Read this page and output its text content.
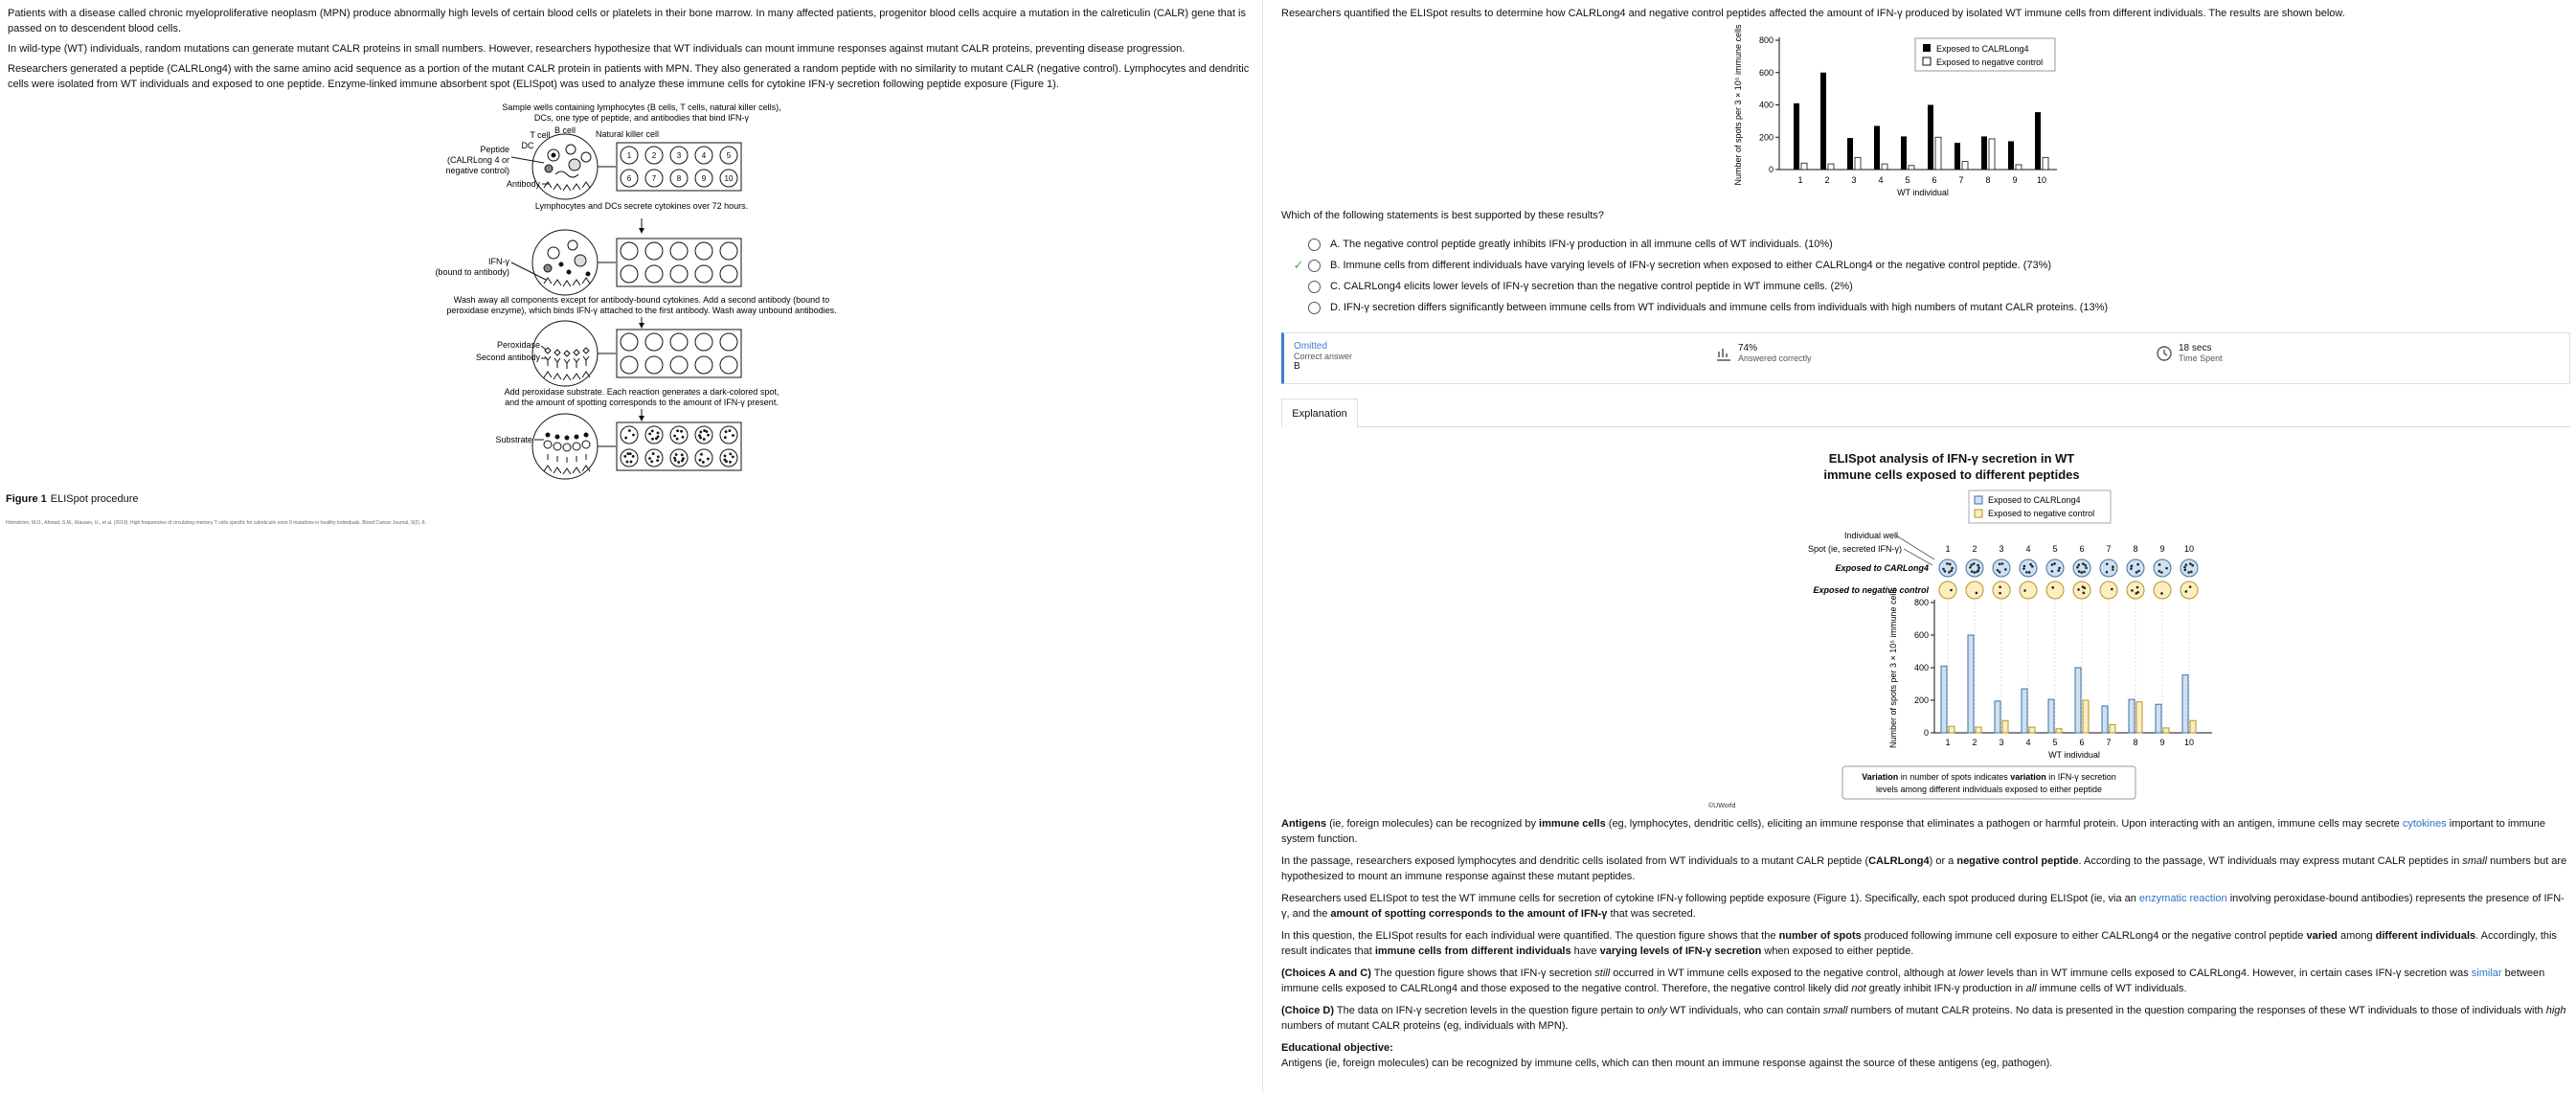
Patients with a disease called chronic myeloproliferative neoplasm (MPN) produce abnormally high levels of certain blood cells or platelets in their bone marrow. In many affected patients, progenitor blood cells acquire a mutation in the calreticulin (CALR) gene that is passed on to descendent blood cells.

In wild-type (WT) individuals, random mutations can generate mutant CALR proteins in small numbers. However, researchers hypothesize that WT individuals can mount immune responses against mutant CALR proteins, preventing disease progression.

Researchers generated a peptide (CALRLong4) with the same amino acid sequence as a portion of the mutant CALR protein in patients with MPN. They also generated a random peptide with no similarity to mutant CALR (negative control). Lymphocytes and dendritic cells were isolated from WT individuals and exposed to one peptide. Enzyme-linked immune absorbent spot (ELISpot) was used to analyze these immune cells for cytokine IFN-γ secretion following peptide exposure (Figure 1).

Sample wells containing lymphocytes (B cells, T cells, natural killer cells),
DCs, one type of peptide, and antibodies that bind IFN-γ
T cell B cell Natural killer cell
Peptide
(CALRLong 4 or
negative control)
DC
Antibody
1	2	3	4	5
6	7	8	9 10
Lymphocytes and DCs secrete cytokines over 72 hours.
IFN-γ
(bound to antibody)
Wash away all components except for antibody-bound cytokines. Add a second antibody (bound to
peroxidase enzyme), which binds IFN-γ attached to the first antibody. Wash away unbound antibodies.
Peroxidase
Second antibody
Add peroxidase substrate. Each reaction generates a dark-colored spot,
and the amount of spotting corresponds to the amount of IFN-γ present.
Substrate
Figure 1 ELISpot procedure
Holmström, M.O., Ahmad, S.M., Klausen, U., et al. (2019). High frequencies of circulating memory T cells specific for calreticulin exon 9 mutations in healthy individuals. Blood Cancer Journal, 9(2), 8.
Researchers quantified the ELISpot results to determine how CALRLong4 and negative control peptides affected the amount of IFN-γ produced by isolated WT immune cells from different individuals. The results are shown below.
0
200
400
600
800
1	2	3	4	5	6	7	8	9 10
WT individual
Number of spots per 3 × 10⁵ immune cells	Exposed to CALRLong4
Exposed to negative control
Which of the following statements is best supported by these results?
A. The negative control peptide greatly inhibits IFN-γ production in all immune cells of WT individuals. (10%)
✓	B. Immune cells from different individuals have varying levels of IFN-γ secretion when exposed to either CALRLong4 or the negative control peptide. (73%)
C. CALRLong4 elicits lower levels of IFN-γ secretion than the negative control peptide in WT immune cells. (2%)
D. IFN-γ secretion differs significantly between immune cells from WT individuals and immune cells from individuals with high numbers of mutant CALR proteins. (13%)
Omitted
Correct answer
B
74%
Answered correctly
18 secs
Time Spent
Explanation
ELISpot analysis of IFN-γ secretion in WT
immune cells exposed to different peptides
Exposed to CALRLong4
Exposed to negative control
Individual well
Spot (ie, secreted IFN-γ)
Exposed to CARLong4
Exposed to negative control
1	2	3	4	5	6	7	8	9 10
0
200
400
600
800
1	2	3	4	5	6	7	8	9 10
WT individual
Number of spots per 3 × 10⁵ immune cells
Variation in number of spots indicates variation in IFN-γ secretion
levels among different individuals exposed to either peptide
©UWorld

Antigens (ie, foreign molecules) can be recognized by immune cells (eg, lymphocytes, dendritic cells), eliciting an immune response that eliminates a pathogen or harmful protein. Upon interacting with an antigen, immune cells may secrete cytokines important to immune system function.

In the passage, researchers exposed lymphocytes and dendritic cells isolated from WT individuals to a mutant CALR peptide (CALRLong4) or a negative control peptide. According to the passage, WT individuals may express mutant CALR peptides in small numbers but are hypothesized to mount an immune response against these mutant peptides.

Researchers used ELISpot to test the WT immune cells for secretion of cytokine IFN-γ following peptide exposure (Figure 1). Specifically, each spot produced during ELISpot (ie, via an enzymatic reaction involving peroxidase-bound antibodies) represents the presence of IFN-γ, and the amount of spotting corresponds to the amount of IFN-γ that was secreted.

In this question, the ELISpot results for each individual were quantified. The question figure shows that the number of spots produced following immune cell exposure to either CALRLong4 or the negative control peptide varied among different individuals. Accordingly, this result indicates that immune cells from different individuals have varying levels of IFN-γ secretion when exposed to either peptide.

(Choices A and C) The question figure shows that IFN-γ secretion still occurred in WT immune cells exposed to the negative control, although at lower levels than in WT immune cells exposed to CALRLong4. However, in certain cases IFN-γ secretion was similar between immune cells exposed to CALRLong4 and those exposed to the negative control. Therefore, the negative control likely did not greatly inhibit IFN-γ production in all immune cells of WT individuals.

(Choice D) The data on IFN-γ secretion levels in the question figure pertain to only WT individuals, who can contain small numbers of mutant CALR proteins. No data is presented in the question comparing the responses of these WT individuals to those of individuals with high numbers of mutant CALR proteins (eg, individuals with MPN).

Educational objective:

Antigens (ie, foreign molecules) can be recognized by immune cells, which can then mount an immune response against the source of these antigens (eg, pathogen).
